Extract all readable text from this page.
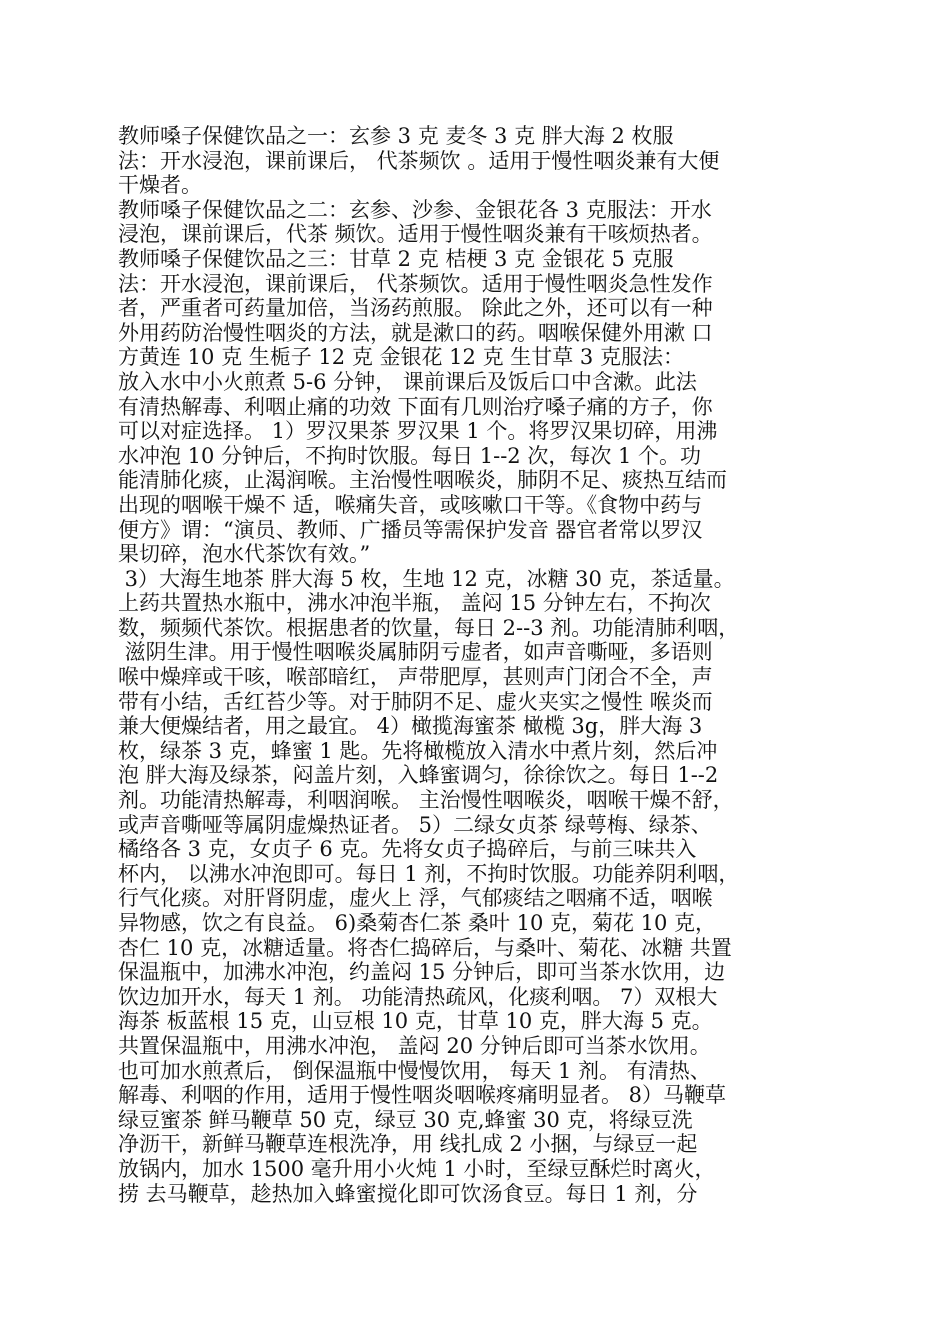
教师嗓子保健饮品之一：玄参 3 克 麦冬 3 克 胖大海 2 枚服
法：开水浸泡，课前课后， 代茶频饮 。适用于慢性咽炎兼有大便
干燥者。
教师嗓子保健饮品之二：玄参、沙参、金银花各 3 克服法：开水
浸泡，课前课后，代茶 频饮。适用于慢性咽炎兼有干咳烦热者。
教师嗓子保健饮品之三：甘草 2 克 桔梗 3 克 金银花 5 克服
法：开水浸泡，课前课后， 代茶频饮。适用于慢性咽炎急性发作
者，严重者可药量加倍，当汤药煎服。 除此之外，还可以有一种
外用药防治慢性咽炎的方法，就是漱口的药。咽喉保健外用漱 口
方黄连 10 克 生栀子 12 克 金银花 12 克 生甘草 3 克服法：
放入水中小火煎煮 5-6 分钟， 课前课后及饭后口中含漱。此法
有清热解毒、利咽止痛的功效 下面有几则治疗嗓子痛的方子，你
可以对症选择。 1）罗汉果茶 罗汉果 1 个。将罗汉果切碎，用沸
水冲泡 10 分钟后，不拘时饮服。每日 1--2 次，每次 1 个。功
能清肺化痰，止渴润喉。主治慢性咽喉炎，肺阴不足、痰热互结而
出现的咽喉干燥不 适，喉痛失音，或咳嗽口干等。《食物中药与
便方》谓：“演员、教师、广播员等需保护发音 器官者常以罗汉
果切碎，泡水代茶饮有效。”
3）大海生地茶 胖大海 5 枚，生地 12 克，冰糖 30 克，茶适量。
上药共置热水瓶中，沸水冲泡半瓶， 盖闷 15 分钟左右，不拘次
数，频频代茶饮。根据患者的饮量，每日 2--3 剂。功能清肺利咽，
滋阴生津。用于慢性咽喉炎属肺阴亏虚者，如声音嘶哑，多语则
喉中燥痒或干咳，喉部暗红， 声带肥厚，甚则声门闭合不全，声
带有小结，舌红苔少等。对于肺阴不足、虚火夹实之慢性 喉炎而
兼大便燥结者，用之最宜。 4）橄揽海蜜茶 橄榄 3g，胖大海 3
枚，绿茶 3 克，蜂蜜 1 匙。先将橄榄放入清水中煮片刻，然后冲
泡 胖大海及绿茶，闷盖片刻，入蜂蜜调匀，徐徐饮之。每日 1--2
剂。功能清热解毒，利咽润喉。 主治慢性咽喉炎，咽喉干燥不舒，
或声音嘶哑等属阴虚燥热证者。 5）二绿女贞茶 绿萼梅、绿茶、
橘络各 3 克，女贞子 6 克。先将女贞子捣碎后，与前三味共入
杯内， 以沸水冲泡即可。每日 1 剂，不拘时饮服。功能养阴利咽，
行气化痰。对肝肾阴虚，虚火上 浮，气郁痰结之咽痛不适，咽喉
异物感，饮之有良益。 6)桑菊杏仁茶 桑叶 10 克，菊花 10 克，
杏仁 10 克，冰糖适量。将杏仁捣碎后，与桑叶、菊花、冰糖 共置
保温瓶中，加沸水冲泡，约盖闷 15 分钟后，即可当茶水饮用，边
饮边加开水，每天 1 剂。 功能清热疏风，化痰利咽。 7）双根大
海茶 板蓝根 15 克，山豆根 10 克，甘草 10 克，胖大海 5 克。
共置保温瓶中，用沸水冲泡， 盖闷 20 分钟后即可当茶水饮用。
也可加水煎煮后， 倒保温瓶中慢慢饮用， 每天 1 剂。 有清热、
解毒、利咽的作用，适用于慢性咽炎咽喉疼痛明显者。 8）马鞭草
绿豆蜜茶 鲜马鞭草 50 克，绿豆 30 克,蜂蜜 30 克，将绿豆洗
净沥干，新鲜马鞭草连根洗净，用 线扎成 2 小捆，与绿豆一起
放锅内，加水 1500 毫升用小火炖 1 小时，至绿豆酥烂时离火，
捞 去马鞭草，趁热加入蜂蜜搅化即可饮汤食豆。每日 1 剂，分
